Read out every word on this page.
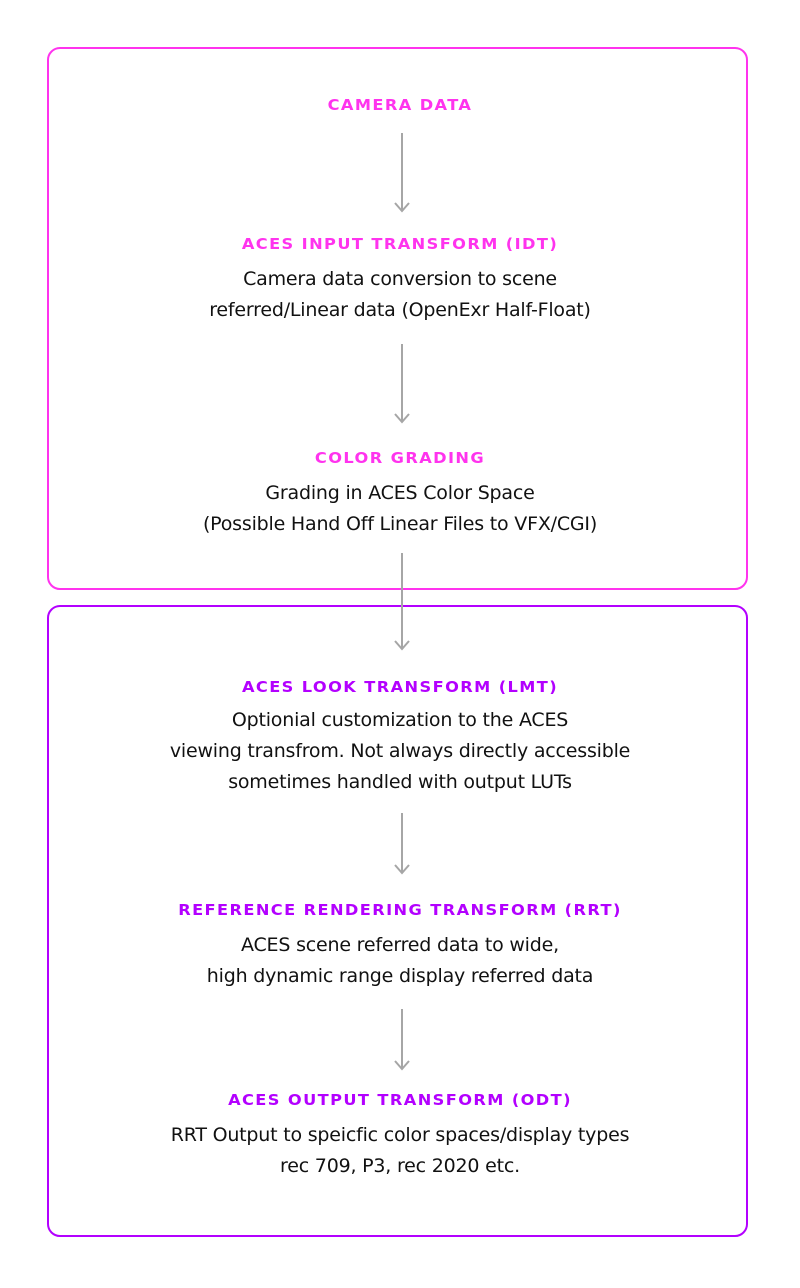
CAMERA DATA
ACES INPUT TRANSFORM (IDT)
Camera data conversion to scene
referred/Linear data (OpenExr Half-Float)
COLOR GRADING
Grading in ACES Color Space
(Possible Hand Off Linear Files to VFX/CGI)
ACES LOOK TRANSFORM (LMT)
Optionial customization to the ACES
viewing transfrom. Not always directly accessible
sometimes handled with output LUTs
REFERENCE RENDERING TRANSFORM (RRT)
ACES scene referred data to wide,
high dynamic range display referred data
ACES OUTPUT TRANSFORM (ODT)
RRT Output to speicfic color spaces/display types
rec 709, P3, rec 2020 etc.
